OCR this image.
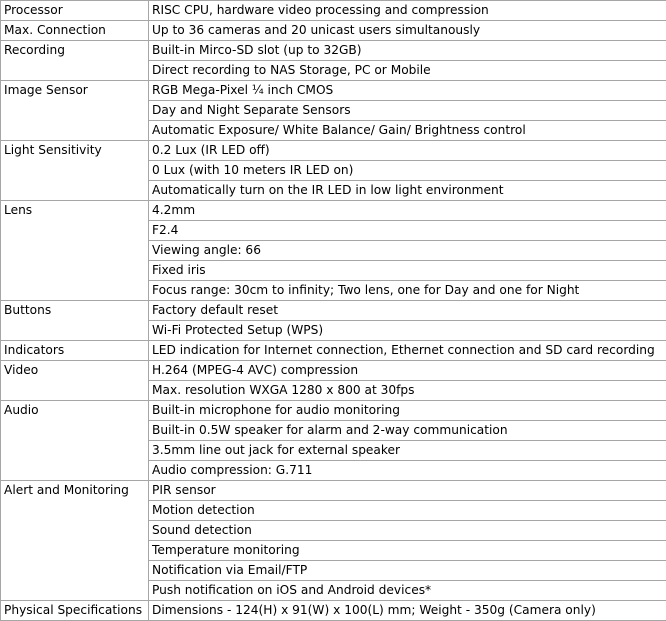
Processor	RISC CPU, hardware video processing and compression
Max. Connection	Up to 36 cameras and 20 unicast users simultanously
Recording	Built-in Mirco-SD slot (up to 32GB)
	Direct recording to NAS Storage, PC or Mobile
Image Sensor	RGB Mega-Pixel ¼ inch CMOS
	Day and Night Separate Sensors
	Automatic Exposure/ White Balance/ Gain/ Brightness control
Light Sensitivity	0.2 Lux (IR LED off)
	0 Lux (with 10 meters IR LED on)
	Automatically turn on the IR LED in low light environment
Lens	4.2mm
	F2.4
	Viewing angle: 66
	Fixed iris
	Focus range: 30cm to infinity; Two lens, one for Day and one for Night
Buttons	Factory default reset
	Wi-Fi Protected Setup (WPS)
Indicators	LED indication for Internet connection, Ethernet connection and SD card recording
Video	H.264 (MPEG-4 AVC) compression
	Max. resolution WXGA 1280 x 800 at 30fps
Audio	Built-in microphone for audio monitoring
	Built-in 0.5W speaker for alarm and 2-way communication
	3.5mm line out jack for external speaker
	Audio compression: G.711
Alert and Monitoring	PIR sensor
	Motion detection
	Sound detection
	Temperature monitoring
	Notification via Email/FTP
	Push notification on iOS and Android devices*
Physical Specifications	Dimensions - 124(H) x 91(W) x 100(L) mm; Weight - 350g (Camera only)
